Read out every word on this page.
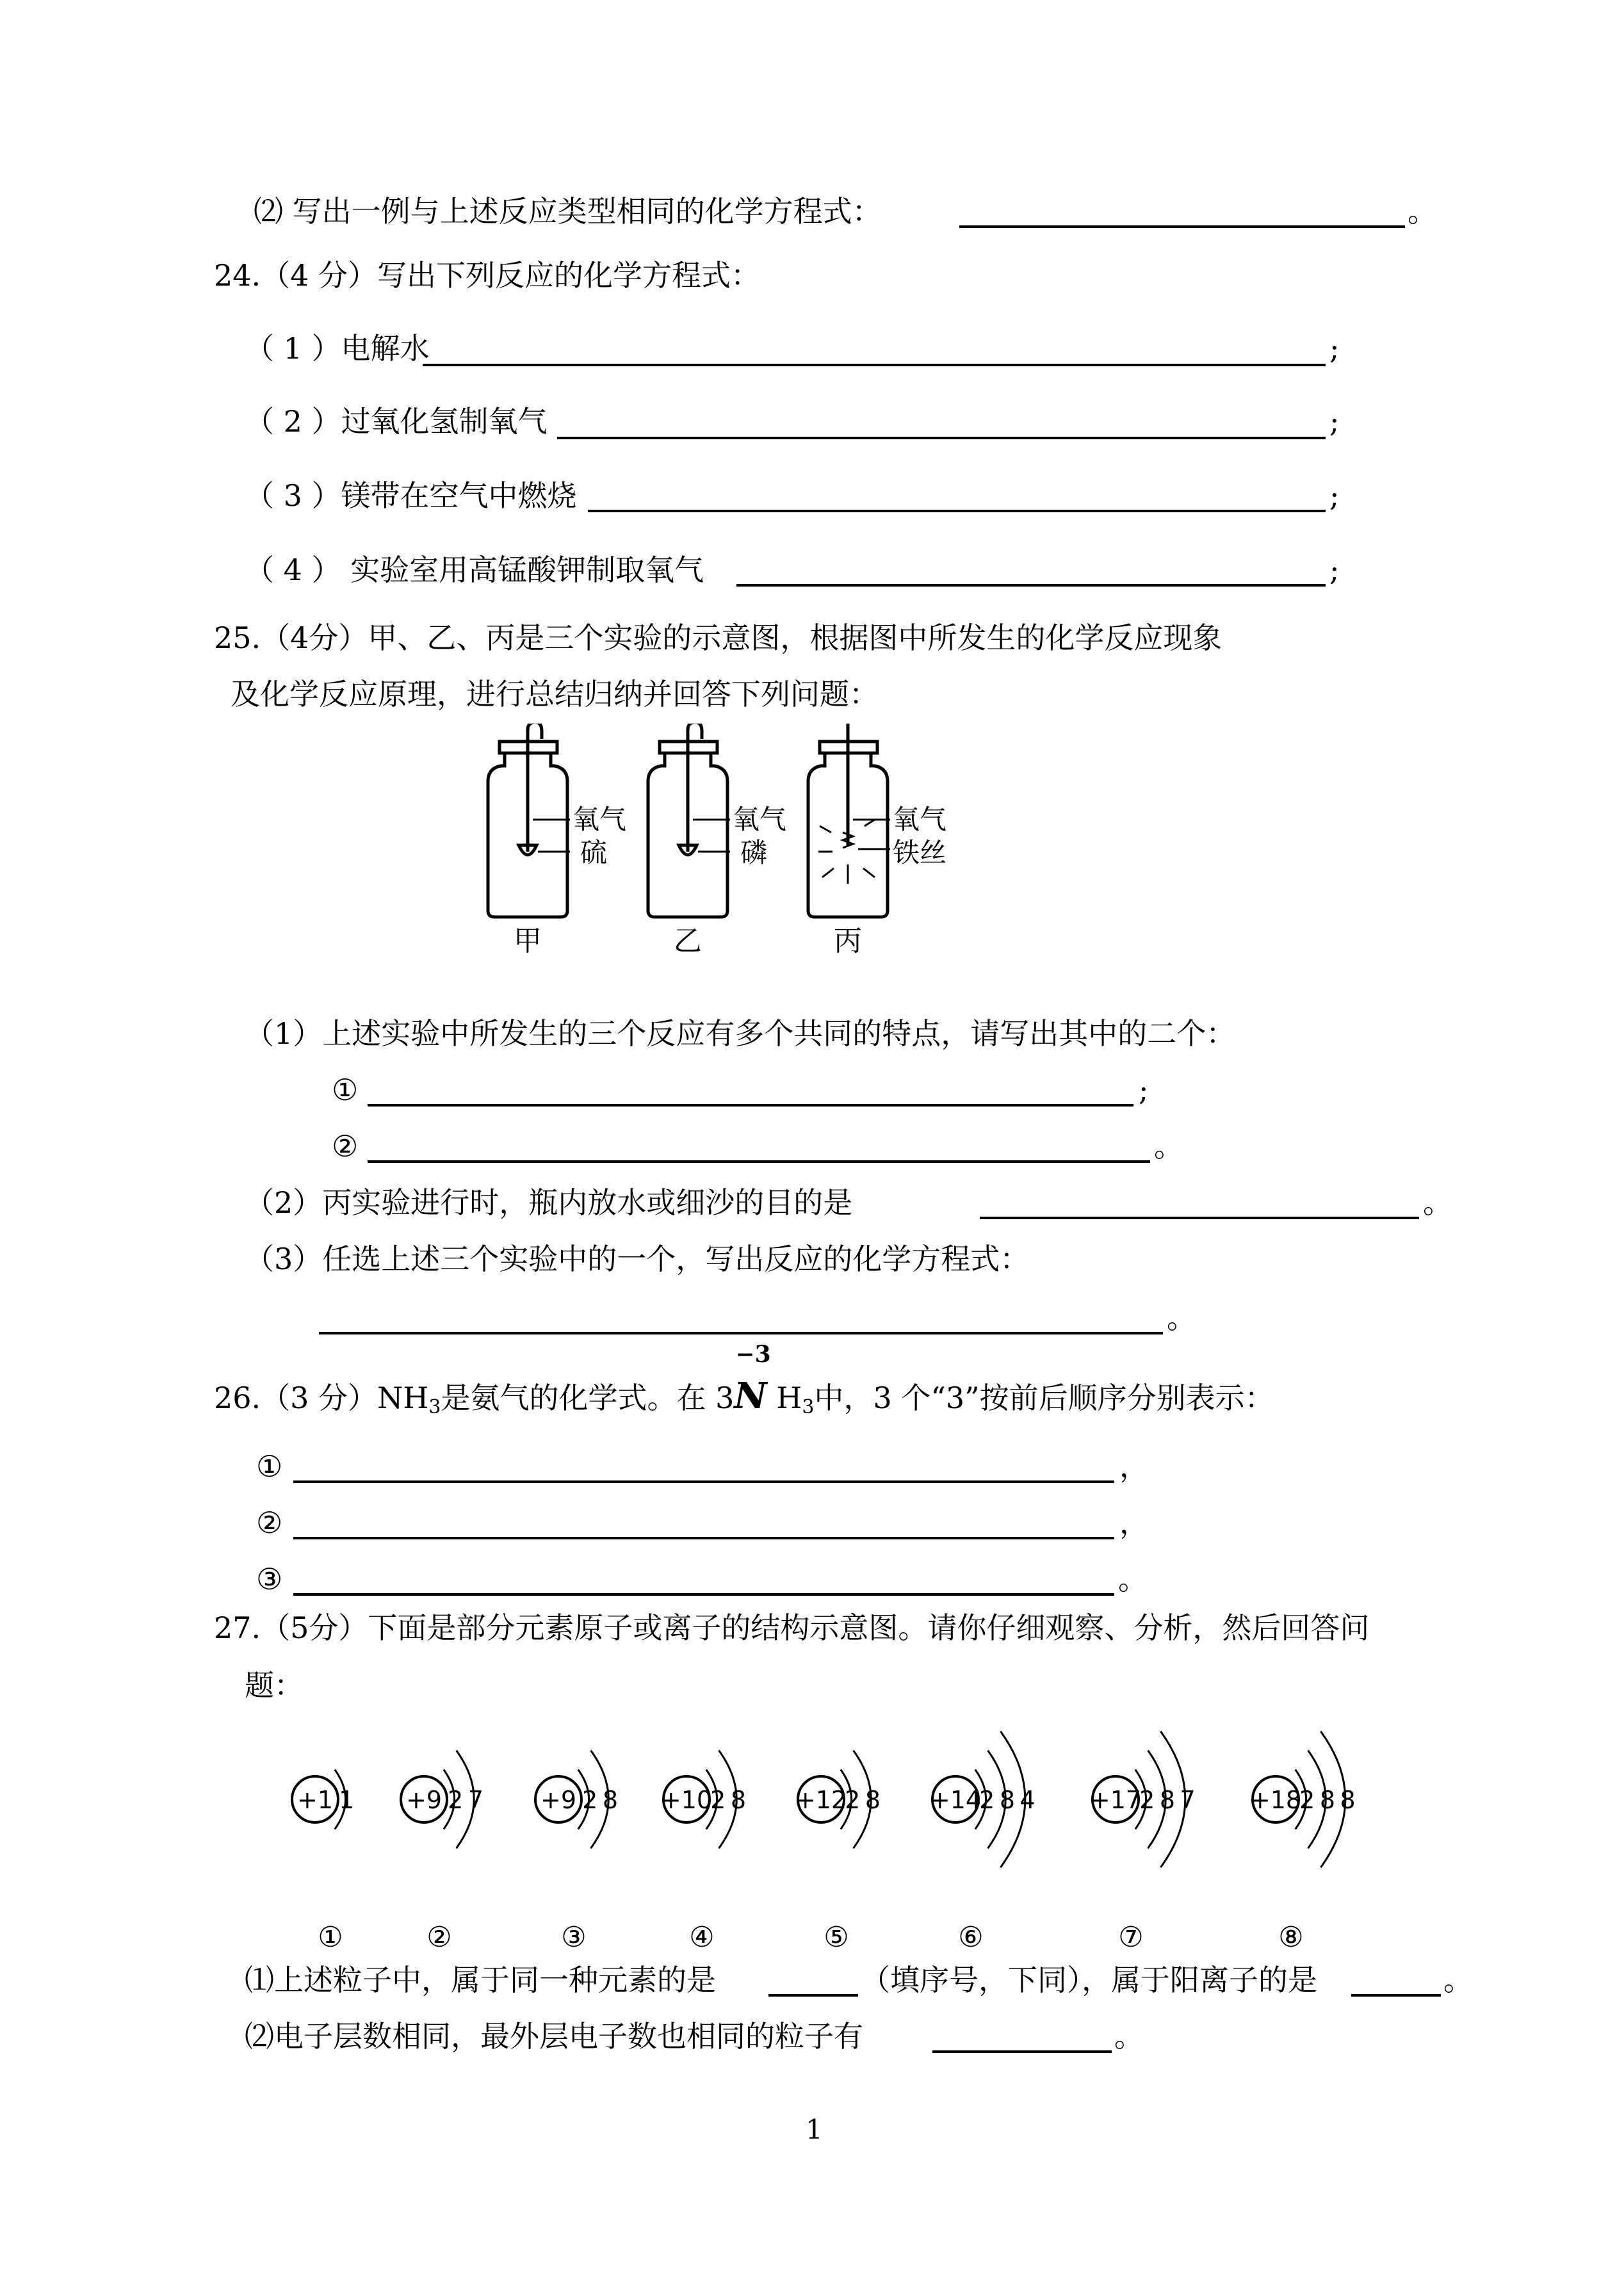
⑵ 写出一例与上述反应类型相同的化学方程式：	。
24.（4 分）写出下列反应的化学方程式：
（ 1 ）电解水	;
（ 2 ）过氧化氢制氧气	;
（ 3 ）镁带在空气中燃烧	;
（ 4 ） 实验室用高锰酸钾制取氧气	;
25.（4分）甲、乙、丙是三个实验的示意图，根据图中所发生的化学反应现象
及化学反应原理，进行总结归纳并回答下列问题：
氧气
硫
甲
氧气
磷
乙
氧气
铁丝
丙
（1）上述实验中所发生的三个反应有多个共同的特点，请写出其中的二个：
①	;
②	。
（2）丙实验进行时，瓶内放水或细沙的目的是	。
（3）任选上述三个实验中的一个，写出反应的化学方程式：
。
26.（3 分）$NH_3$是氨气的化学式。在 3
−3
N $H_3$中，3 个“3”按前后顺序分别表示：
①	，
②	，
③	。
27.（5分）下面是部分元素原子或离子的结构示意图。请你仔细观察、分析，然后回答问
题：
+1 1
①
+9 2 7
②
+9 2 8
③
+10
2 8
④
+12
2 8
⑤
+14
2 8 4
⑥
+17
2 8 7
⑦
+18
2 8 8
⑧
⑴上述粒子中，属于同一种元素的是	（填序号，下同），属于阳离子的是	。
⑵电子层数相同，最外层电子数也相同的粒子有	。
1
